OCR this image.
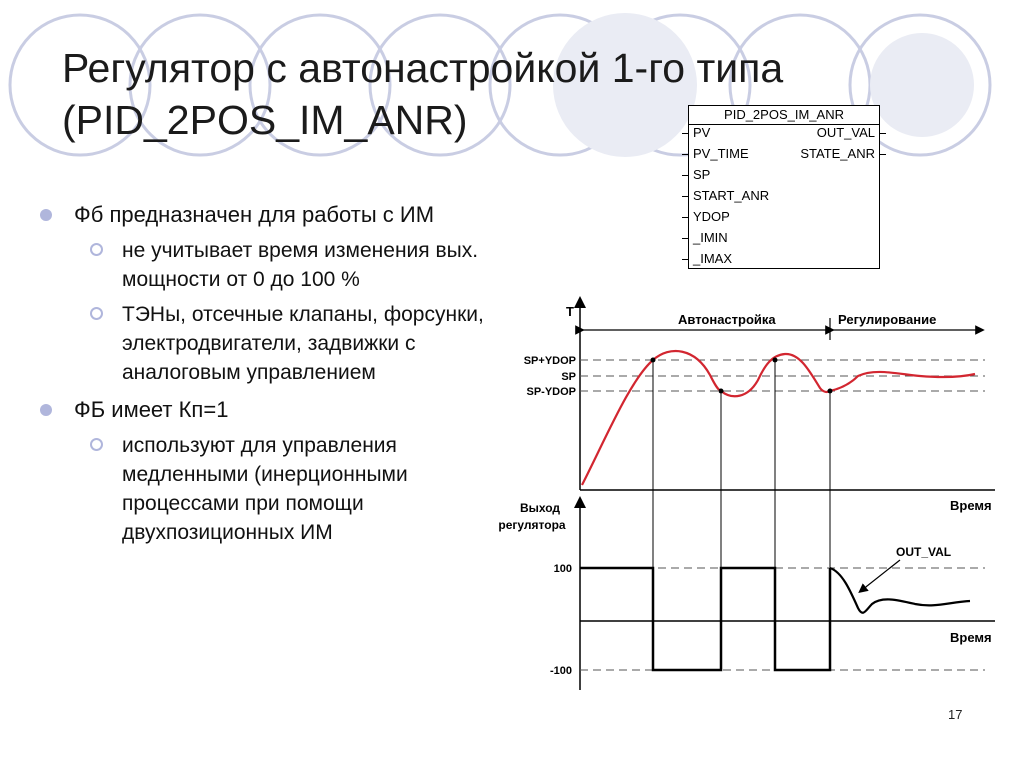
Регулятор с автонастройкой 1-го типа
(PID_2POS_IM_ANR)
Фб предназначен для работы с ИМ
не учитывает время изменения вых. мощности от 0 до 100 %
ТЭНы, отсечные клапаны, форсунки, электродвигатели, задвижки с аналоговым управлением
ФБ имеет Кп=1
используют для управления медленными (инерционными процессами при помощи двухпозиционных ИМ
PID_2POS_IM_ANR
PV
PV_TIME
SP
START_ANR
YDOP
_IMIN
_IMAX
OUT_VAL
STATE_ANR
T
Время
Автонастройка	Регулирование
SP+YDOP
SP
SP-YDOP
Выход
регулятора
Время
100
-100
OUT_VAL
17
